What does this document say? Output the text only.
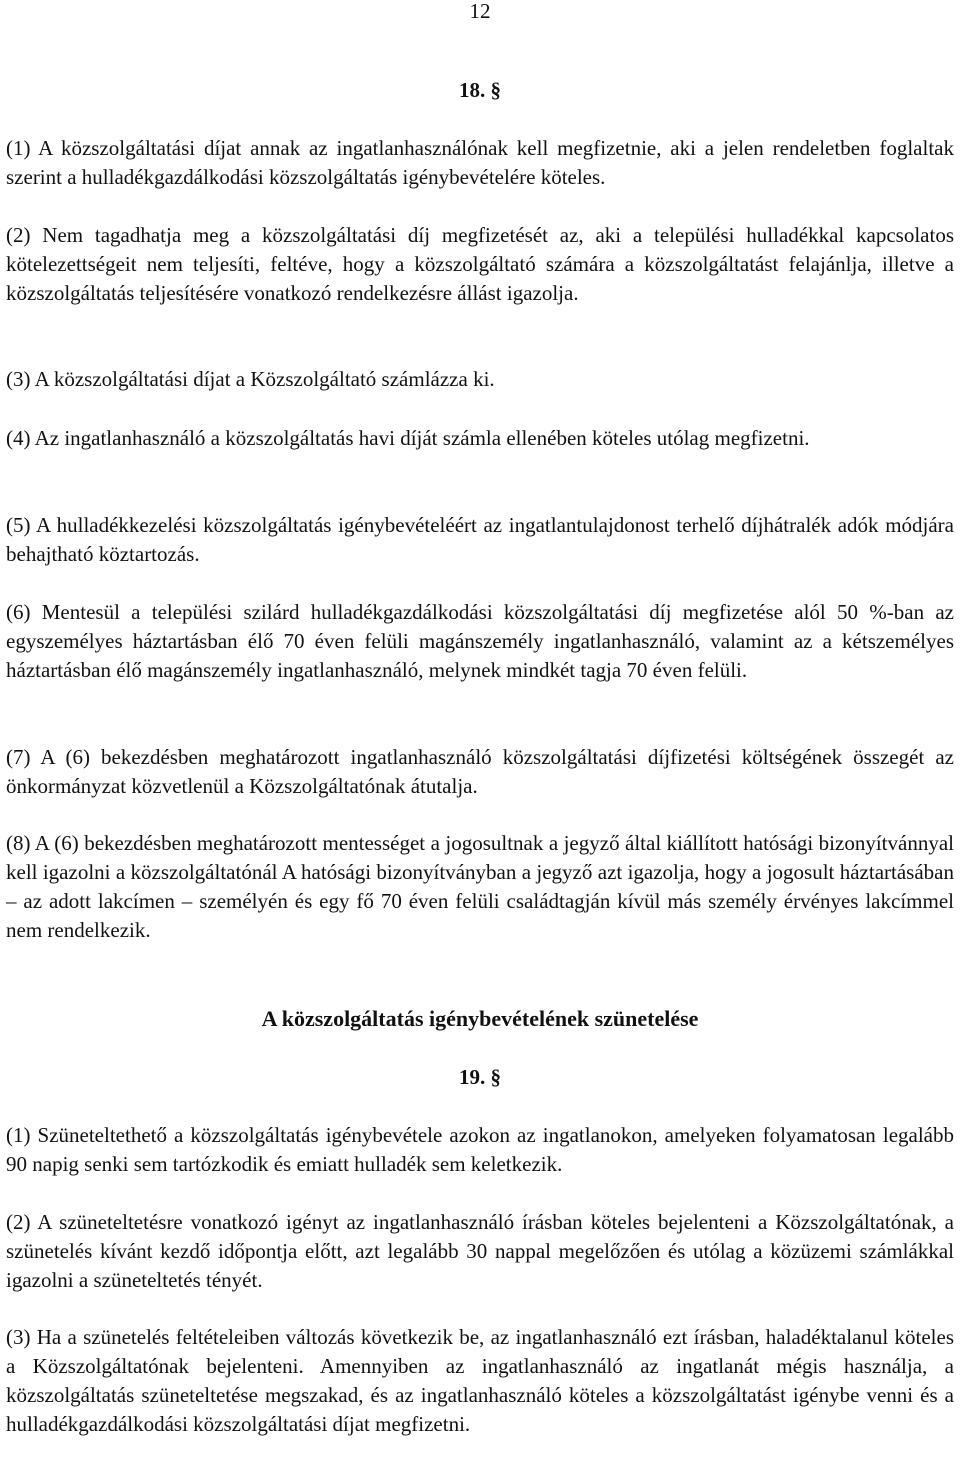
12
18. §

(1) A közszolgáltatási díjat annak az ingatlanhasználónak kell megfizetnie, aki a jelen rendeletben foglaltak szerint a hulladékgazdálkodási közszolgáltatás igénybevételére köteles.

(2) Nem tagadhatja meg a közszolgáltatási díj megfizetését az, aki a települési hulladékkal kapcsolatos kötelezettségeit nem teljesíti, feltéve, hogy a közszolgáltató számára a közszolgáltatást felajánlja, illetve a közszolgáltatás teljesítésére vonatkozó rendelkezésre állást igazolja.

(3) A közszolgáltatási díjat a Közszolgáltató számlázza ki.

(4) Az ingatlanhasználó a közszolgáltatás havi díját számla ellenében köteles utólag megfizetni.

(5) A hulladékkezelési közszolgáltatás igénybevételéért az ingatlantulajdonost terhelő díjhátralék adók módjára behajtható köztartozás.

(6) Mentesül a települési szilárd hulladékgazdálkodási közszolgáltatási díj megfizetése alól 50 %-ban az egyszemélyes háztartásban élő 70 éven felüli magánszemély ingatlanhasználó, valamint az a kétszemélyes háztartásban élő magánszemély ingatlanhasználó, melynek mindkét tagja 70 éven felüli.

(7) A (6) bekezdésben meghatározott ingatlanhasználó közszolgáltatási díjfizetési költségének összegét az önkormányzat közvetlenül a Közszolgáltatónak átutalja.

(8) A (6) bekezdésben meghatározott mentességet a jogosultnak a jegyző által kiállított hatósági bizonyítvánnyal kell igazolni a közszolgáltatónál A hatósági bizonyítványban a jegyző azt igazolja, hogy a jogosult háztartásában – az adott lakcímen – személyén és egy fő 70 éven felüli családtagján kívül más személy érvényes lakcímmel nem rendelkezik.

A közszolgáltatás igénybevételének szünetelése
19. §

(1) Szüneteltethető a közszolgáltatás igénybevétele azokon az ingatlanokon, amelyeken folyamatosan legalább 90 napig senki sem tartózkodik és emiatt hulladék sem keletkezik.

(2) A szüneteltetésre vonatkozó igényt az ingatlanhasználó írásban köteles bejelenteni a Közszolgáltatónak, a szünetelés kívánt kezdő időpontja előtt, azt legalább 30 nappal megelőzően és utólag a közüzemi számlákkal igazolni a szüneteltetés tényét.

(3) Ha a szünetelés feltételeiben változás következik be, az ingatlanhasználó ezt írásban, haladéktalanul köteles a Közszolgáltatónak bejelenteni. Amennyiben az ingatlanhasználó az ingatlanát mégis használja, a közszolgáltatás szüneteltetése megszakad, és az ingatlanhasználó köteles a közszolgáltatást igénybe venni és a hulladékgazdálkodási közszolgáltatási díjat megfizetni.
